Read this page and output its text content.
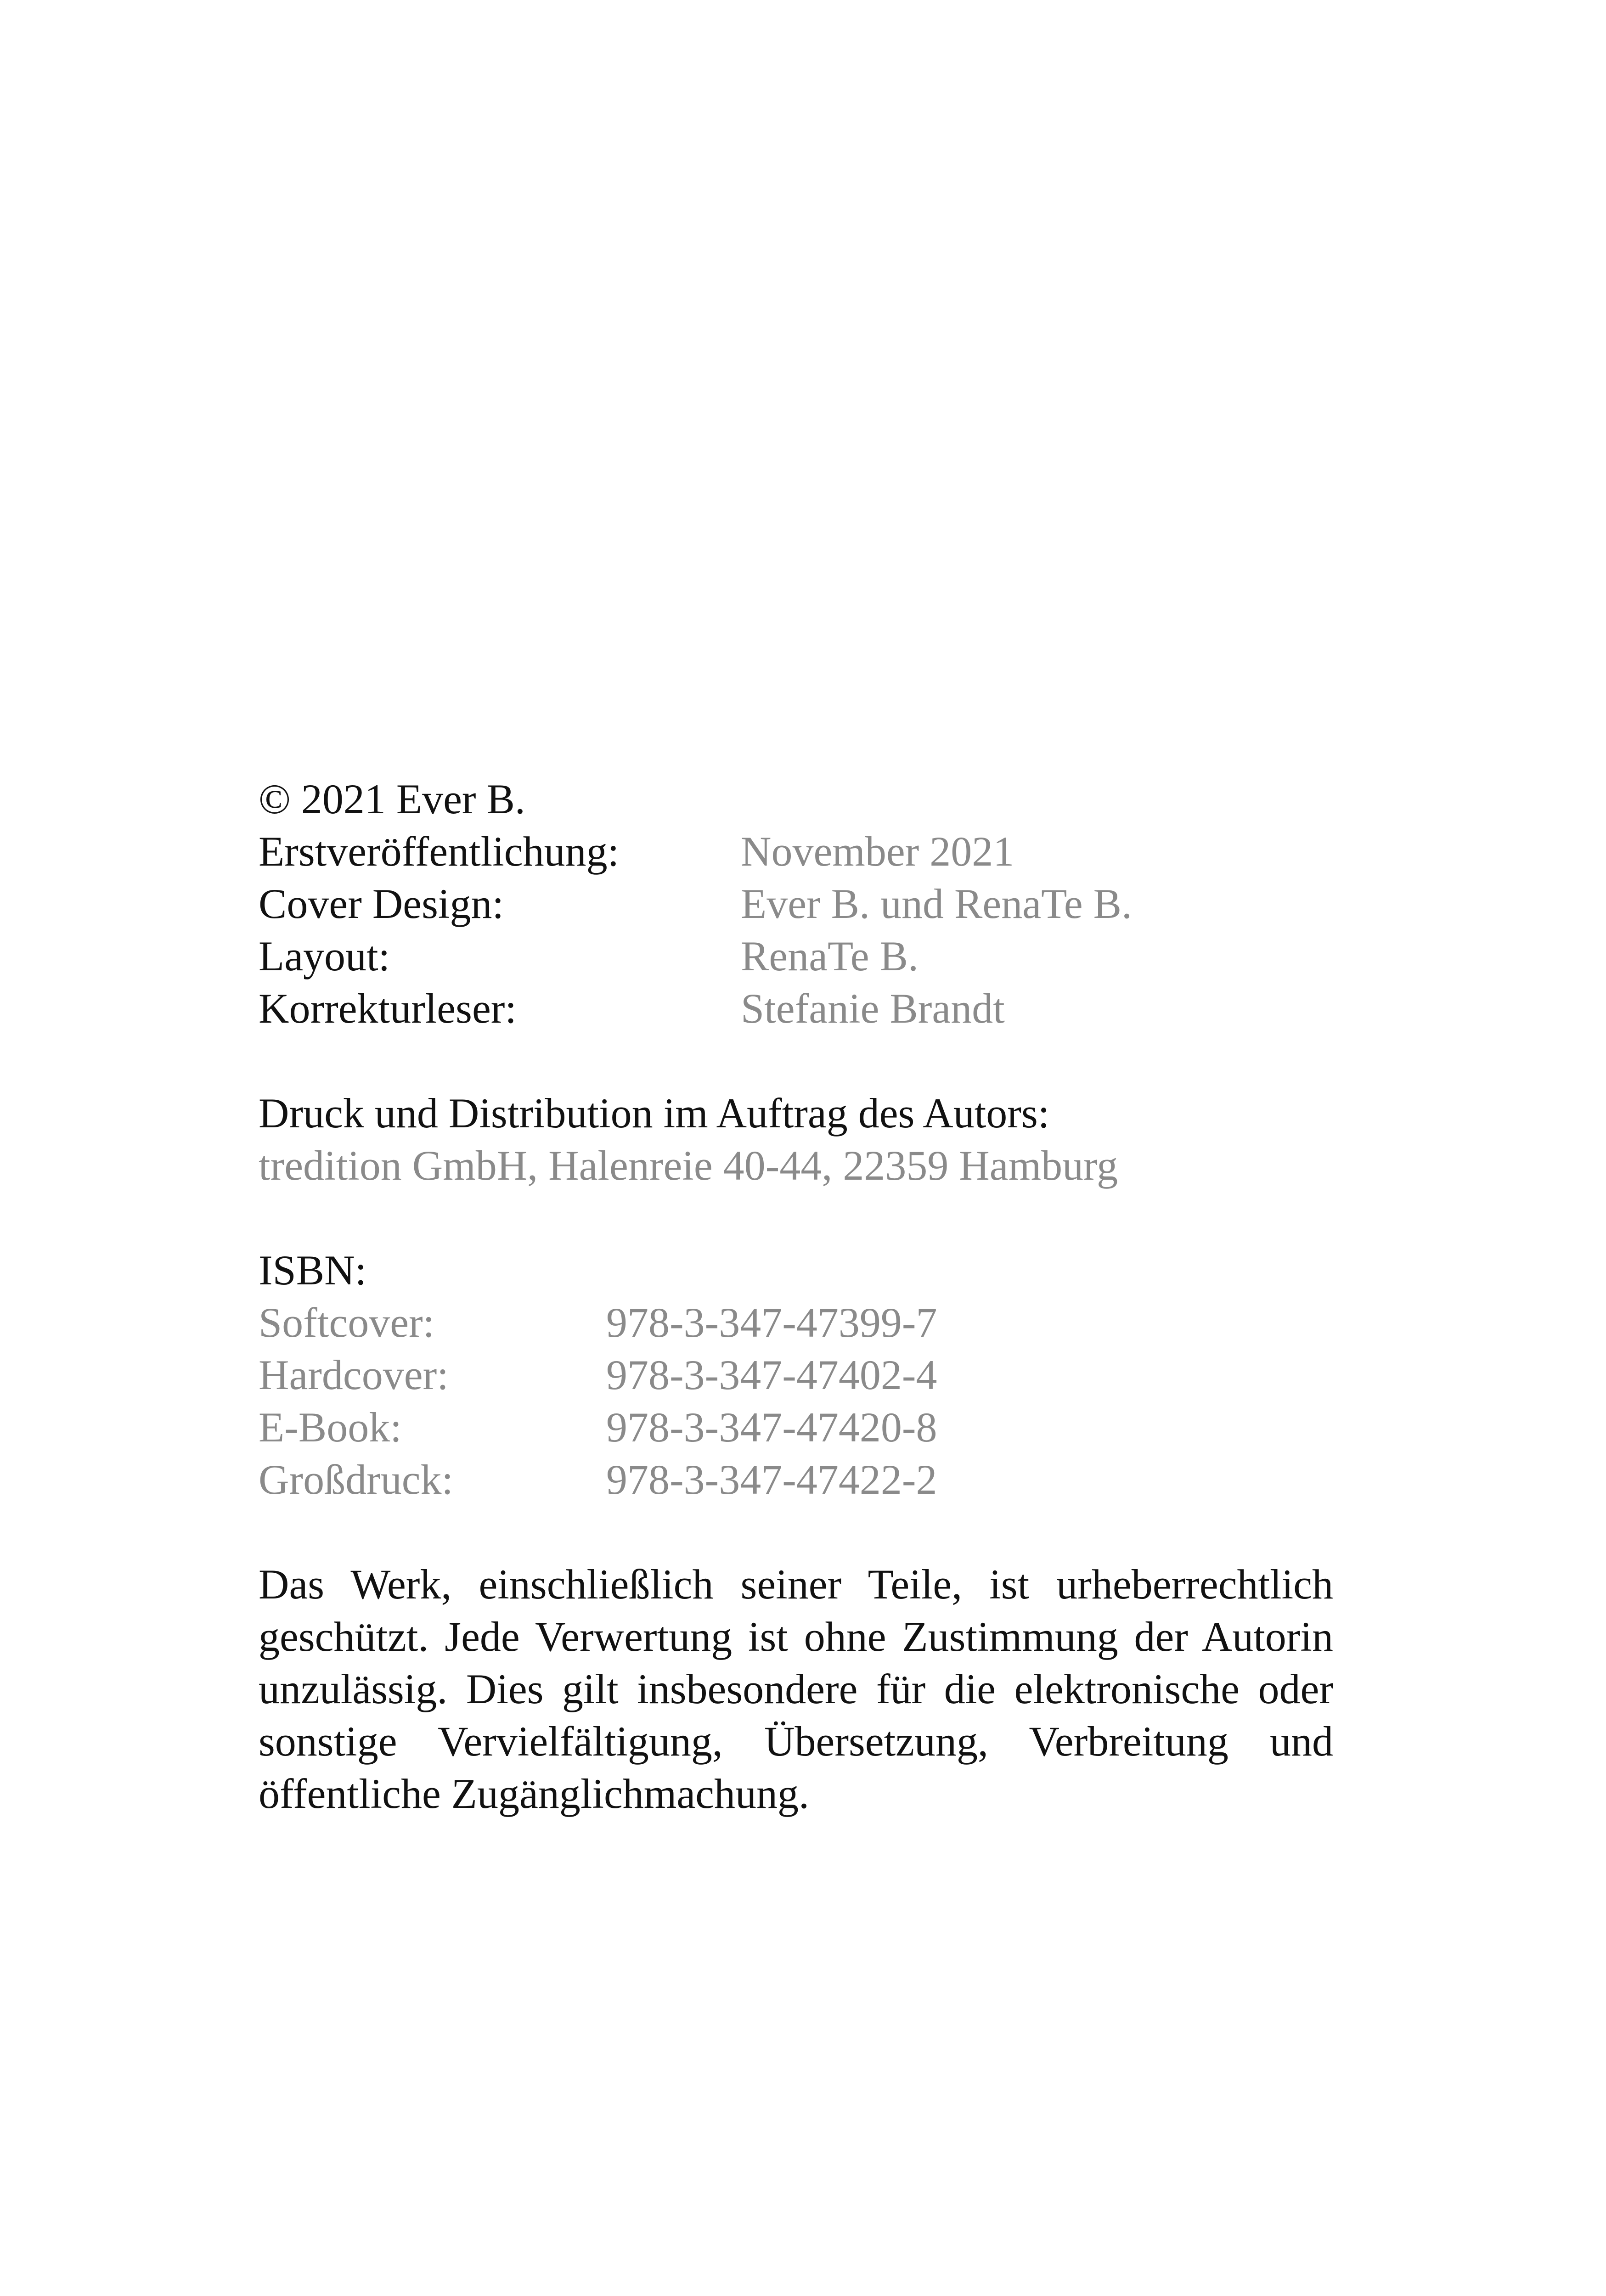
© 2021 Ever B.
Erstveröffentlichung:	November 2021
Cover Design:	Ever B. und RenaTe B.
Layout:	RenaTe B.
Korrekturleser:	Stefanie Brandt
Druck und Distribution im Auftrag des Autors:
tredition GmbH, Halenreie 40-44, 22359 Hamburg
ISBN:
Softcover:	978-3-347-47399-7
Hardcover:	978-3-347-47402-4
E-Book:	978-3-347-47420-8
Großdruck:	978-3-347-47422-2

Das Werk, einschließlich seiner Teile, ist urheberrechtlich geschützt. Jede Verwertung ist ohne Zustimmung der Autorin unzulässig. Dies gilt insbesondere für die elektronische oder sonstige Vervielfältigung, Übersetzung, Verbreitung und öffentliche Zugänglichmachung.
